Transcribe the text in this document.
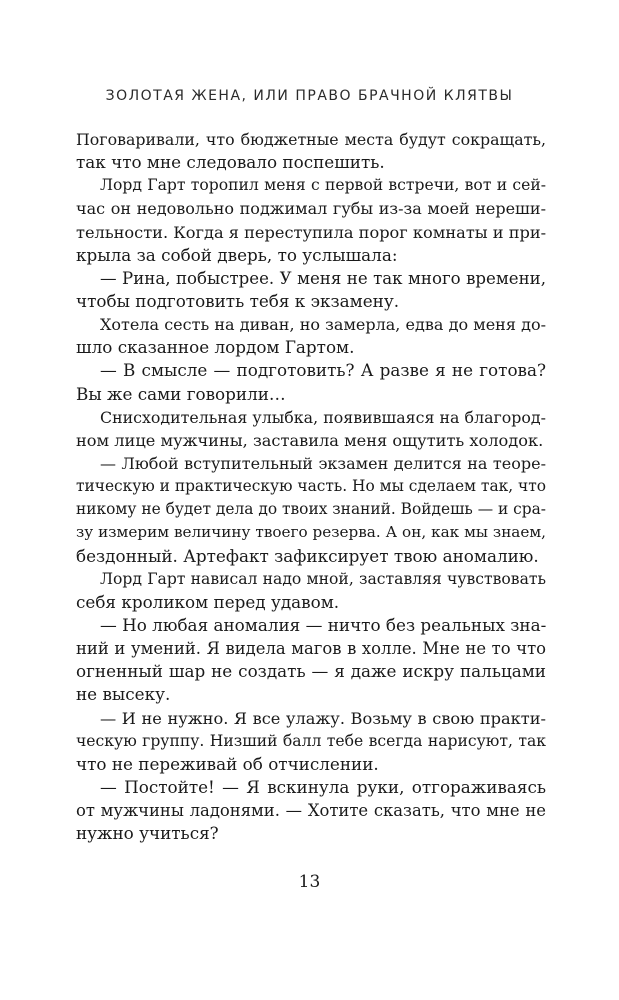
ЗОЛОТАЯ ЖЕНА, ИЛИ ПРАВО БРАЧНОЙ КЛЯТВЫ
Поговаривали, что бюджетные места будут сокращать,
так что мне следовало поспешить.
Лорд Гарт торопил меня с первой встречи, вот и сей-
час он недовольно поджимал губы из-за моей нереши-
тельности. Когда я переступила порог комнаты и при-
крыла за собой дверь, то услышала:
— Рина, побыстрее. У меня не так много времени,
чтобы подготовить тебя к экзамену.
Хотела сесть на диван, но замерла, едва до меня до-
шло сказанное лордом Гартом.
— В смысле — подготовить? А разве я не готова?
Вы же сами говорили…
Снисходительная улыбка, появившаяся на благород-
ном лице мужчины, заставила меня ощутить холодок.
— Любой вступительный экзамен делится на теоре-
тическую и практическую часть. Но мы сделаем так, что
никому не будет дела до твоих знаний. Войдешь — и сра-
зу измерим величину твоего резерва. А он, как мы знаем,
бездонный. Артефакт зафиксирует твою аномалию.
Лорд Гарт нависал надо мной, заставляя чувствовать
себя кроликом перед удавом.
— Но любая аномалия — ничто без реальных зна-
ний и умений. Я видела магов в холле. Мне не то что
огненный шар не создать — я даже искру пальцами
не высеку.
— И не нужно. Я все улажу. Возьму в свою практи-
ческую группу. Низший балл тебе всегда нарисуют, так
что не переживай об отчислении.
— Постойте! — Я вскинула руки, отгораживаясь
от мужчины ладонями. — Хотите сказать, что мне не
нужно учиться?
13
